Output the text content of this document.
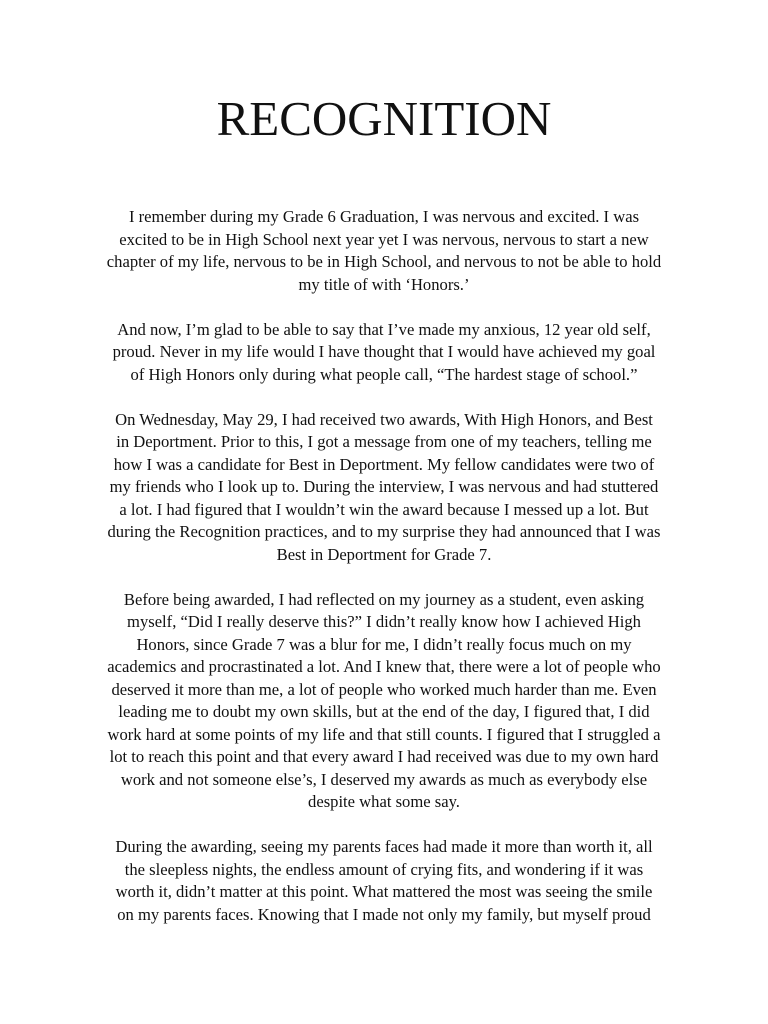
RECOGNITION

I remember during my Grade 6 Graduation, I was nervous and excited. I was
excited to be in High School next year yet I was nervous, nervous to start a new
chapter of my life, nervous to be in High School, and nervous to not be able to hold
my title of with ‘Honors.’

And now, I’m glad to be able to say that I’ve made my anxious, 12 year old self,
proud. Never in my life would I have thought that I would have achieved my goal
of High Honors only during what people call, “The hardest stage of school.”

On Wednesday, May 29, I had received two awards, With High Honors, and Best
in Deportment. Prior to this, I got a message from one of my teachers, telling me
how I was a candidate for Best in Deportment. My fellow candidates were two of
my friends who I look up to. During the interview, I was nervous and had stuttered
a lot. I had figured that I wouldn’t win the award because I messed up a lot. But
during the Recognition practices, and to my surprise they had announced that I was
Best in Deportment for Grade 7.

Before being awarded, I had reflected on my journey as a student, even asking
myself, “Did I really deserve this?” I didn’t really know how I achieved High
Honors, since Grade 7 was a blur for me, I didn’t really focus much on my
academics and procrastinated a lot. And I knew that, there were a lot of people who
deserved it more than me, a lot of people who worked much harder than me. Even
leading me to doubt my own skills, but at the end of the day, I figured that, I did
work hard at some points of my life and that still counts. I figured that I struggled a
lot to reach this point and that every award I had received was due to my own hard
work and not someone else’s, I deserved my awards as much as everybody else
despite what some say.

During the awarding, seeing my parents faces had made it more than worth it, all
the sleepless nights, the endless amount of crying fits, and wondering if it was
worth it, didn’t matter at this point. What mattered the most was seeing the smile
on my parents faces. Knowing that I made not only my family, but myself proud
